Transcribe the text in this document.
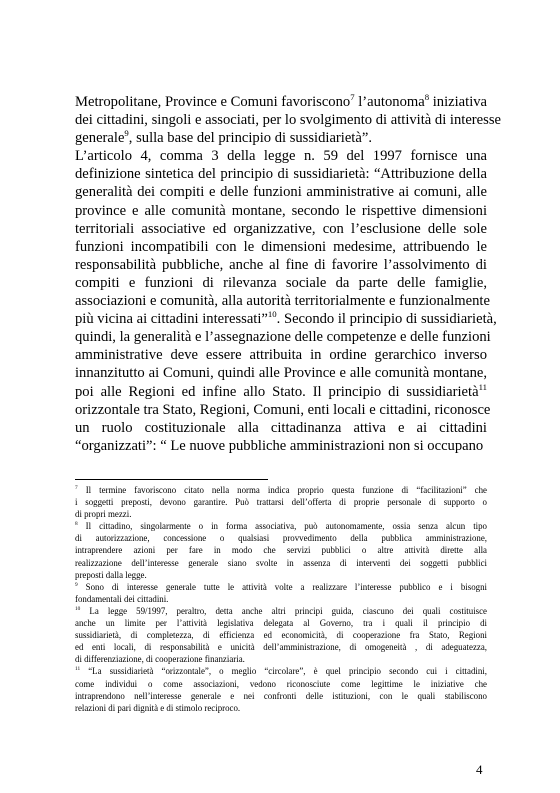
Metropolitane, Province e Comuni favoriscono$^7$ l’autonoma$^8$ iniziativa
dei cittadini, singoli e associati, per lo svolgimento di attività di interesse
generale$^9$, sulla base del principio di sussidiarietà”.
L’articolo 4, comma 3 della legge n. 59 del 1997 fornisce una
definizione sintetica del principio di sussidiarietà: “Attribuzione della
generalità dei compiti e delle funzioni amministrative ai comuni, alle
province e alle comunità montane, secondo le rispettive dimensioni
territoriali associative ed organizzative, con l’esclusione delle sole
funzioni incompatibili con le dimensioni medesime, attribuendo le
responsabilità pubbliche, anche al fine di favorire l’assolvimento di
compiti e funzioni di rilevanza sociale da parte delle famiglie,
associazioni e comunità, alla autorità territorialmente e funzionalmente
più vicina ai cittadini interessati”$^{10}$. Secondo il principio di sussidiarietà,
quindi, la generalità e l’assegnazione delle competenze e delle funzioni
amministrative deve essere attribuita in ordine gerarchico inverso
innanzitutto ai Comuni, quindi alle Province e alle comunità montane,
poi alle Regioni ed infine allo Stato. Il principio di sussidiarietà$^{11}$
orizzontale tra Stato, Regioni, Comuni, enti locali e cittadini, riconosce
un ruolo costituzionale alla cittadinanza attiva e ai cittadini
“organizzati”: “ Le nuove pubbliche amministrazioni non si occupano
$^7$ Il termine favoriscono citato nella norma indica proprio questa funzione di “facilitazioni” che
i soggetti preposti, devono garantire. Può trattarsi dell’offerta di proprie personale di supporto o
di propri mezzi.
$^8$ Il cittadino, singolarmente o in forma associativa, può autonomamente, ossia senza alcun tipo
di autorizzazione, concessione o qualsiasi provvedimento della pubblica amministrazione,
intraprendere azioni per fare in modo che servizi pubblici o altre attività dirette alla
realizzazione dell’interesse generale siano svolte in assenza di interventi dei soggetti pubblici
preposti dalla legge.
$^9$ Sono di interesse generale tutte le attività volte a realizzare l’interesse pubblico e i bisogni
fondamentali dei cittadini.
$^{10}$ La legge 59/1997, peraltro, detta anche altri principi guida, ciascuno dei quali costituisce
anche un limite per l’attività legislativa delegata al Governo, tra i quali il principio di
sussidiarietà, di completezza, di efficienza ed economicità, di cooperazione fra Stato, Regioni
ed enti locali, di responsabilità e unicità dell’amministrazione, di omogeneità , di adeguatezza,
di differenziazione, di cooperazione finanziaria.
$^{11}$ “La sussidiarietà “orizzontale”, o meglio “circolare”, è quel principio secondo cui i cittadini,
come individui o come associazioni, vedono riconosciute come legittime le iniziative che
intraprendono nell’interesse generale e nei confronti delle istituzioni, con le quali stabiliscono
relazioni di pari dignità e di stimolo reciproco.
4
